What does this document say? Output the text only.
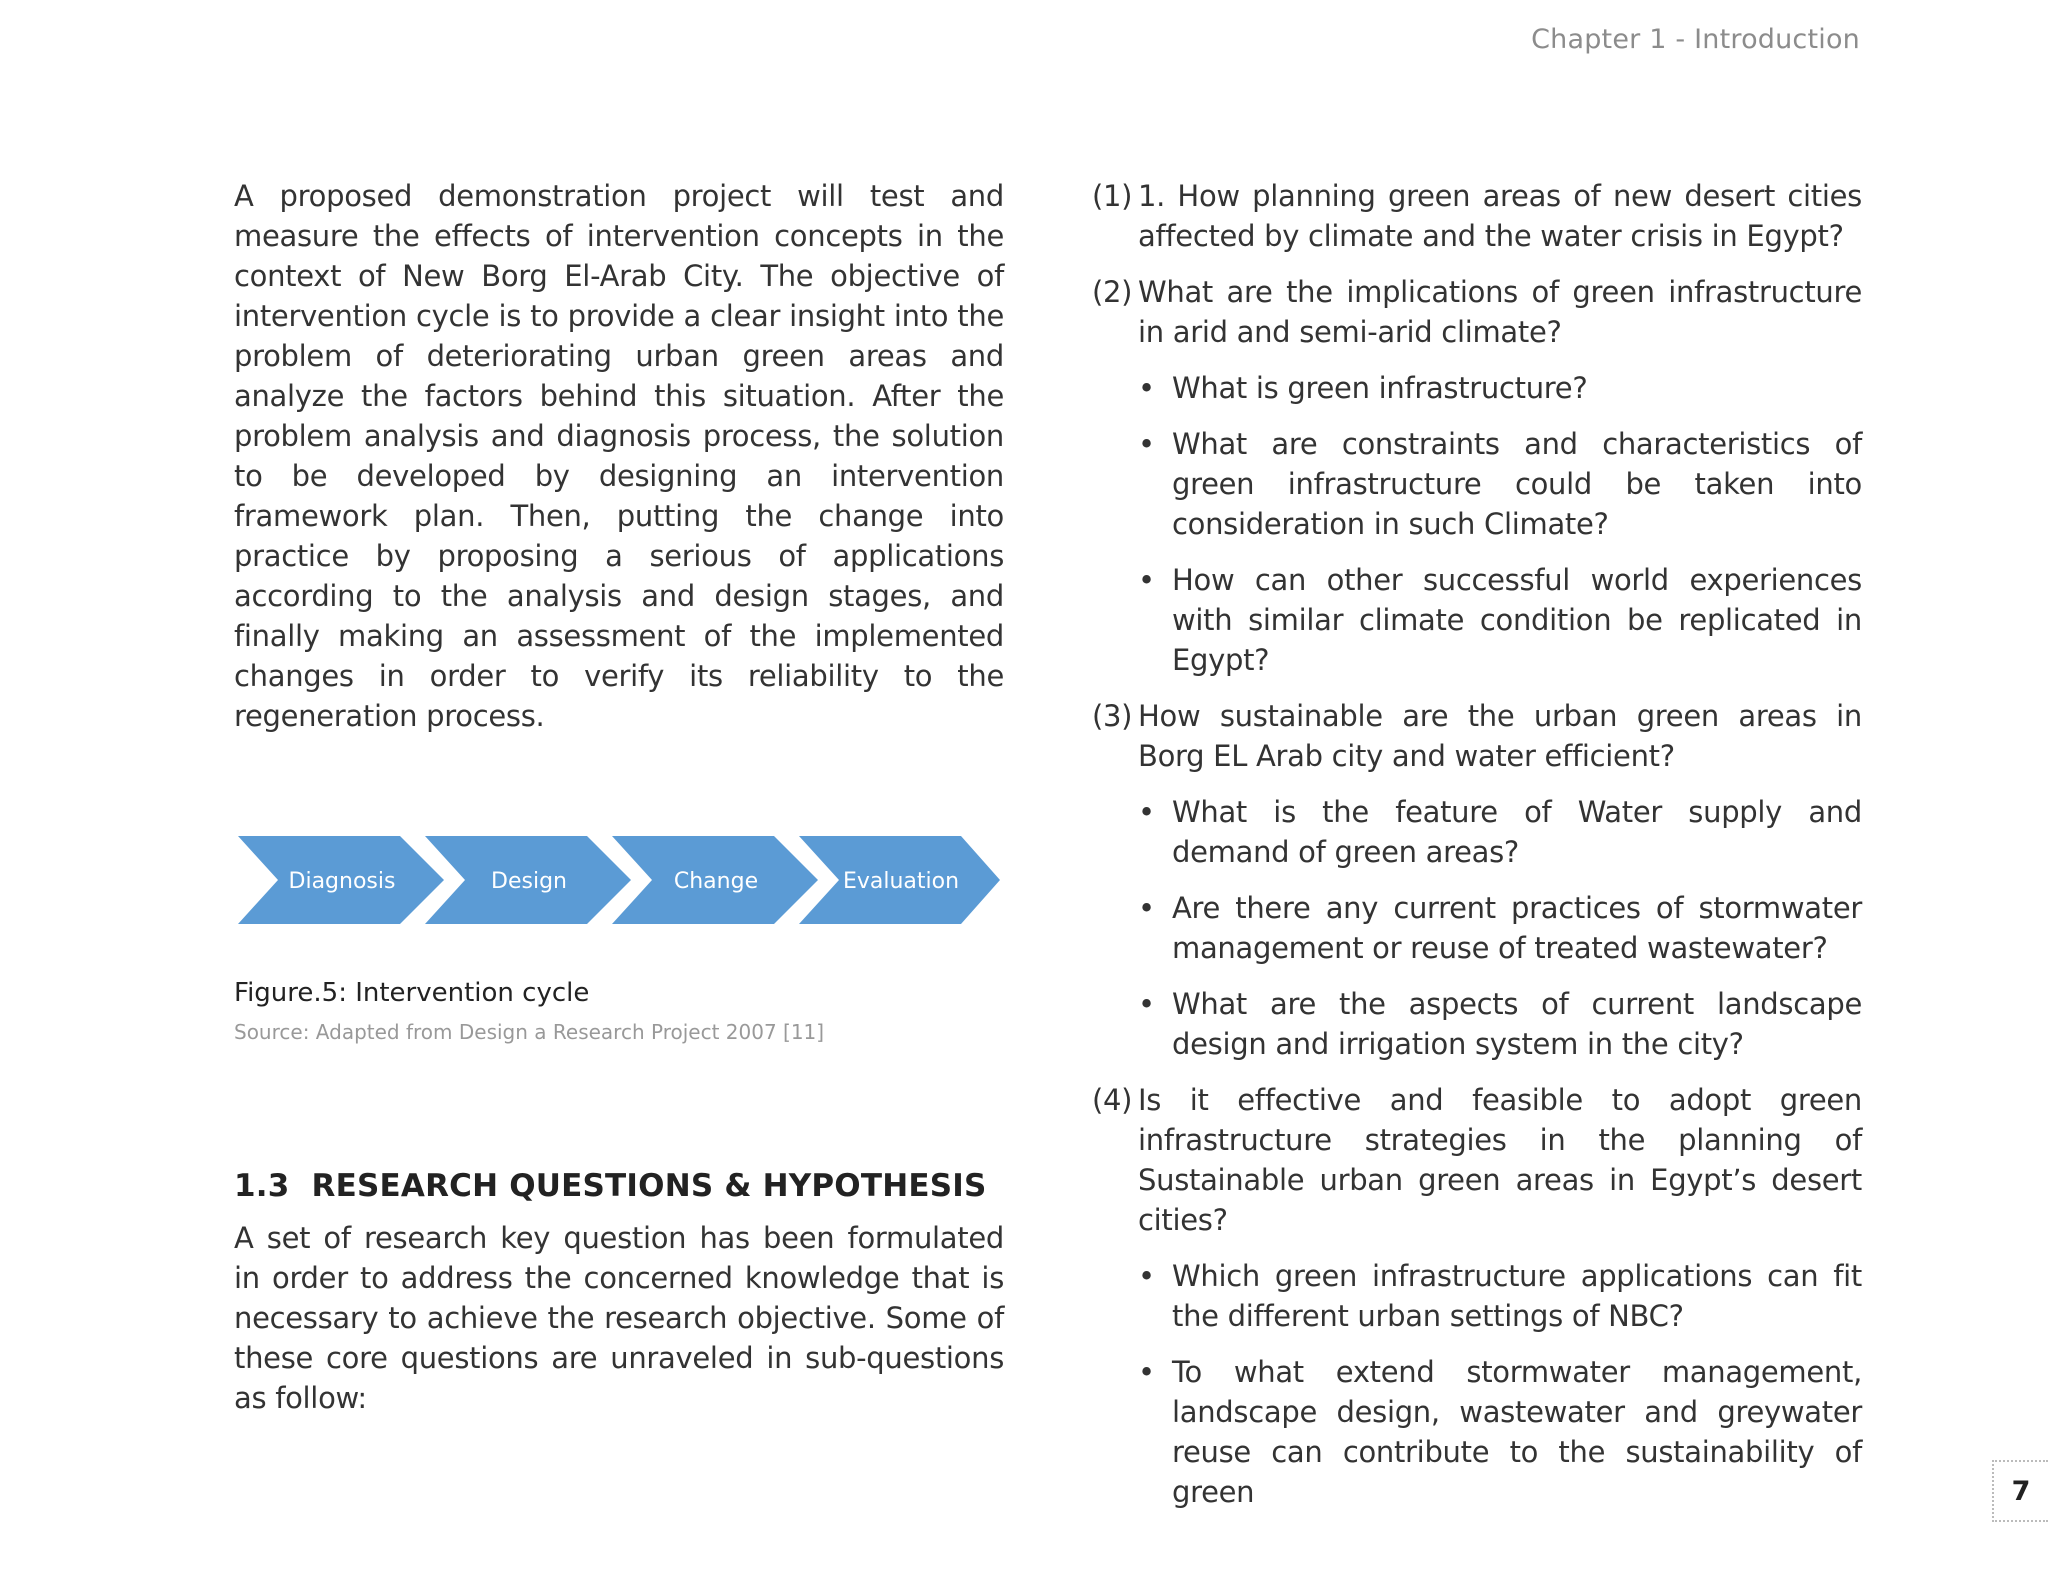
Chapter 1 - Introduction

A proposed demonstration project will test and measure the effects of intervention concepts in the context of New Borg El-Arab City. The objective of intervention cycle is to provide a clear insight into the problem of deteriorating urban green areas and analyze the factors behind this situation. After the problem analysis and diagnosis process, the solution to be developed by designing an intervention framework plan. Then, putting the change into practice by proposing a serious of applications according to the analysis and design stages, and finally making an assessment of the implemented changes in order to verify its reliability to the regeneration process.

Diagnosis	Design	Change	Evaluation
Figure.5: Intervention cycle
Source: Adapted from Design a Research Project 2007 [11]
1.3 RESEARCH QUESTIONS & HYPOTHESIS

A set of research key question has been formulated in order to address the concerned knowledge that is necessary to achieve the research objective. Some of these core questions are unraveled in sub-questions as follow:

(1) 1. How planning green areas of new desert cities affected by climate and the water crisis in Egypt?
(2) What are the implications of green infrastructure in arid and semi-arid climate?
• What is green infrastructure?
• What are constraints and characteristics of green infrastructure could be taken into consideration in such Climate?
• How can other successful world experiences with similar climate condition be replicated in Egypt?
(3) How sustainable are the urban green areas in Borg EL Arab city and water efficient?
• What is the feature of Water supply and demand of green areas?
• Are there any current practices of stormwater management or reuse of treated wastewater?
• What are the aspects of current landscape design and irrigation system in the city?
(4) Is it effective and feasible to adopt green infrastructure strategies in the planning of Sustainable urban green areas in Egypt’s desert cities?
• Which green infrastructure applications can fit the different urban settings of NBC?
• To what extend stormwater management, landscape design, wastewater and greywater reuse can contribute to the sustainability of green	7
